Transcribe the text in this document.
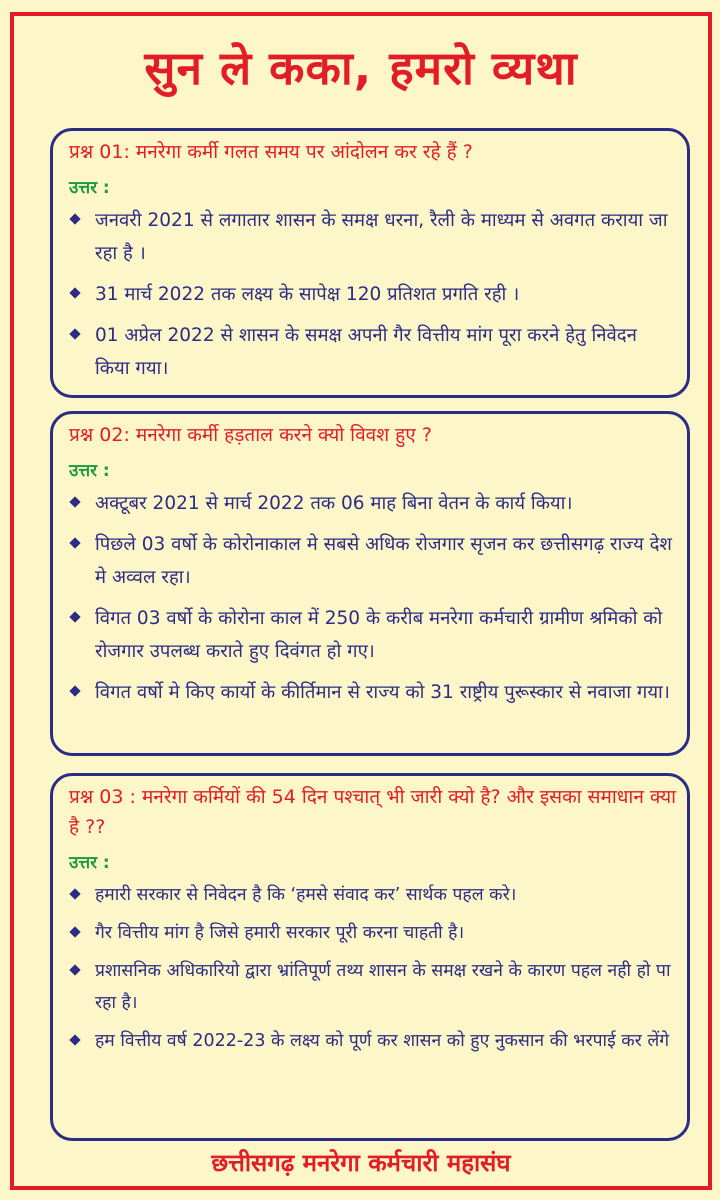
सुन ले कका, हमरो व्यथा
प्रश्न 01: मनरेगा कर्मी गलत समय पर आंदोलन कर रहे हैं ?
उत्तर :
जनवरी 2021 से लगातार शासन के समक्ष धरना, रैली के माध्यम से अवगत कराया जा रहा है ।
31 मार्च 2022 तक लक्ष्य के सापेक्ष 120 प्रतिशत प्रगति रही ।
01 अप्रेल 2022 से शासन के समक्ष अपनी गैर वित्तीय मांग पूरा करने हेतु निवेदन किया गया।
प्रश्न 02: मनरेगा कर्मी हड़ताल करने क्यो विवश हुए ?
उत्तर :
अक्टूबर 2021 से मार्च 2022 तक 06 माह बिना वेतन के कार्य किया।
पिछले 03 वर्षो के कोरोनाकाल मे सबसे अधिक रोजगार सृजन कर छत्तीसगढ़ राज्य देश मे अव्वल रहा।
विगत 03 वर्षो के कोरोना काल में 250 के करीब मनरेगा कर्मचारी ग्रामीण श्रमिको को रोजगार उपलब्ध कराते हुए दिवंगत हो गए।
विगत वर्षो मे किए कार्यो के कीर्तिमान से राज्य को 31 राष्ट्रीय पुरूस्कार से नवाजा गया।
प्रश्न 03 : मनरेगा कर्मियों की 54 दिन पश्चात् भी जारी क्यो है? और इसका समाधान क्या है ??
उत्तर :
हमारी सरकार से निवेदन है कि ‘हमसे संवाद कर’ सार्थक पहल करे।
गैर वित्तीय मांग है जिसे हमारी सरकार पूरी करना चाहती है।
प्रशासनिक अधिकारियो द्वारा भ्रांतिपूर्ण तथ्य शासन के समक्ष रखने के कारण पहल नही हो पा रहा है।
हम वित्तीय वर्ष 2022-23 के लक्ष्य को पूर्ण कर शासन को हुए नुकसान की भरपाई कर लेंगे
छत्तीसगढ़ मनरेगा कर्मचारी महासंघ
